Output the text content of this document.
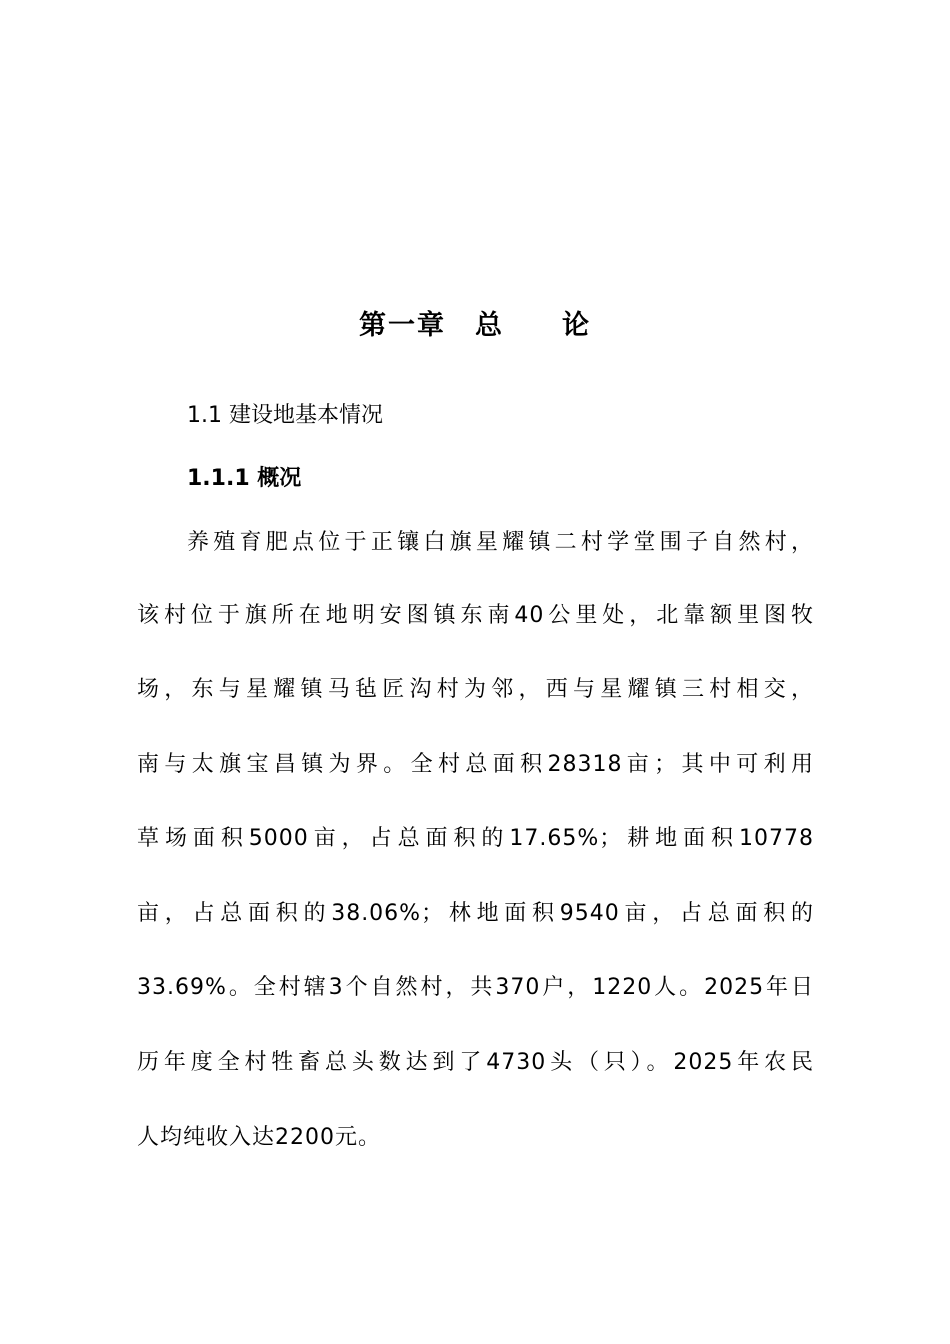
第一章　总　　论
1.1 建设地基本情况
1.1.1 概况
养殖育肥点位于正镶白旗星耀镇二村学堂围子自然村，
该村位于旗所在地明安图镇东南40公里处，北靠额里图牧
场，东与星耀镇马毡匠沟村为邻，西与星耀镇三村相交，
南与太旗宝昌镇为界。全村总面积28318亩；其中可利用
草场面积5000亩，占总面积的17.65%；耕地面积10778
亩，占总面积的38.06%；林地面积9540亩，占总面积的
33.69%。全村辖3个自然村，共370户，1220人。2025年日
历年度全村牲畜总头数达到了4730头（只）。2025年农民
人均纯收入达2200元。
